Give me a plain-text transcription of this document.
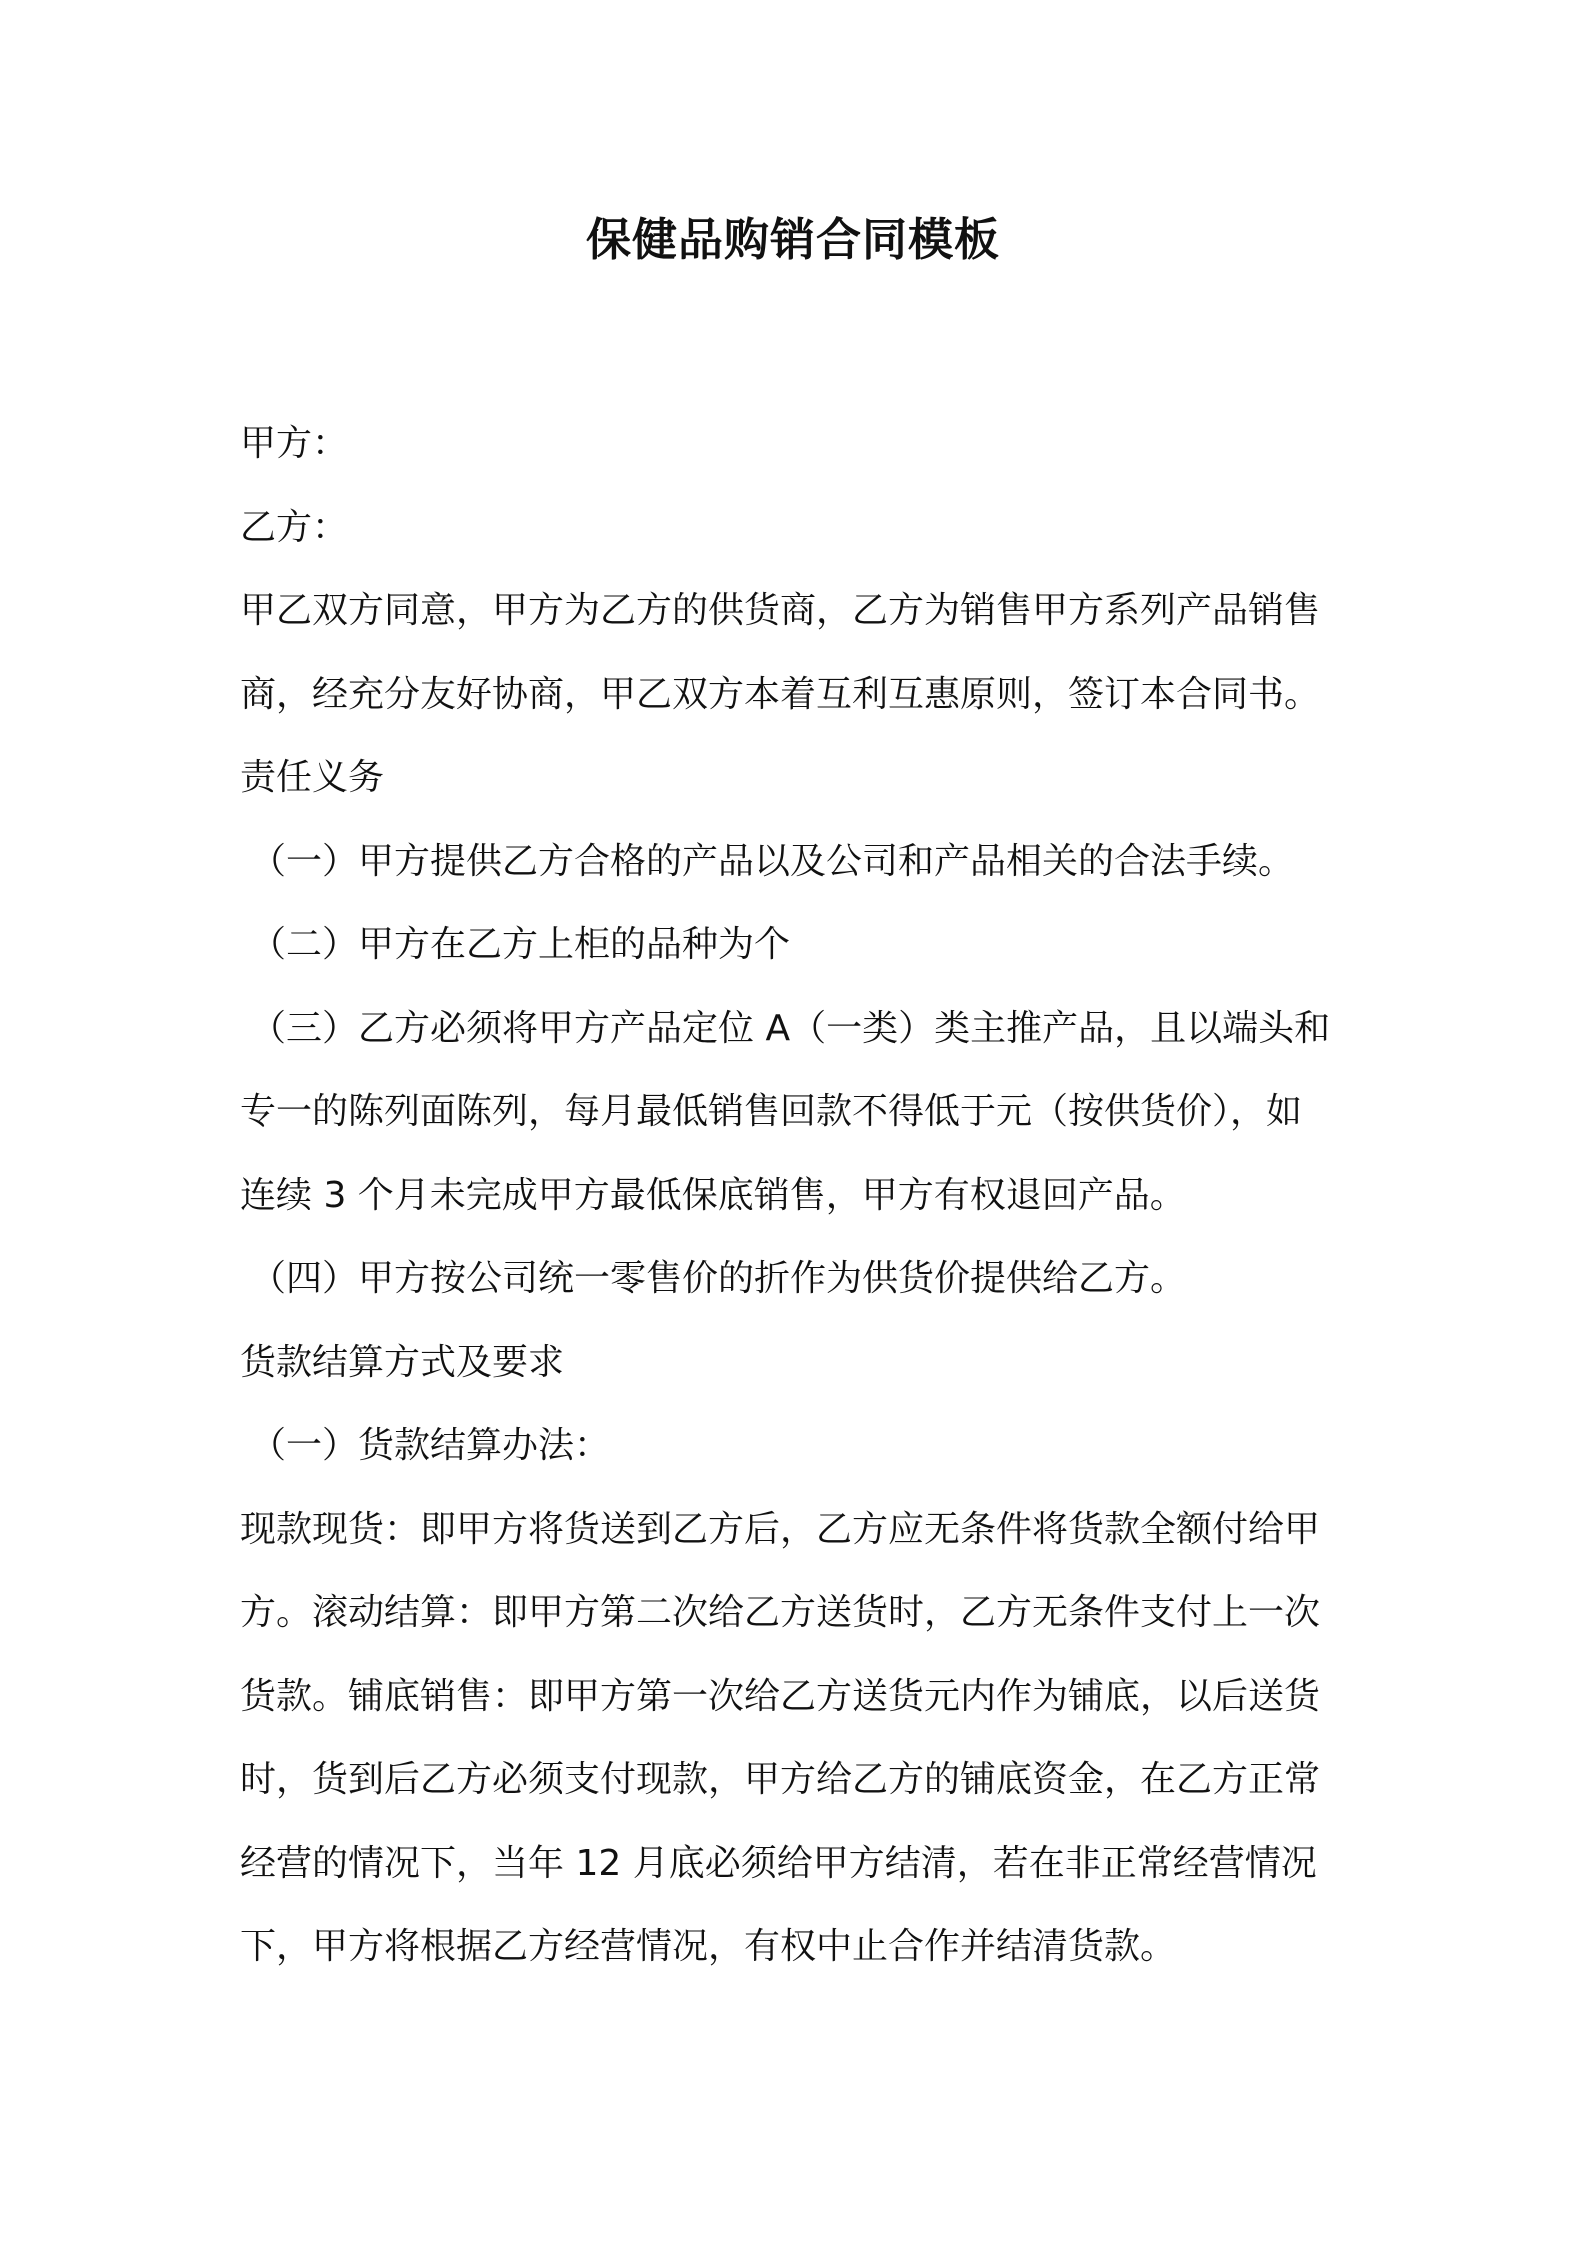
保健品购销合同模板
甲方：
乙方：
甲乙双方同意，甲方为乙方的供货商，乙方为销售甲方系列产品销售
商，经充分友好协商，甲乙双方本着互利互惠原则，签订本合同书。
责任义务
（一）甲方提供乙方合格的产品以及公司和产品相关的合法手续。
（二）甲方在乙方上柜的品种为个
（三）乙方必须将甲方产品定位 A（一类）类主推产品，且以端头和
专一的陈列面陈列，每月最低销售回款不得低于元（按供货价），如
连续 3 个月未完成甲方最低保底销售，甲方有权退回产品。
（四）甲方按公司统一零售价的折作为供货价提供给乙方。
货款结算方式及要求
（一）货款结算办法：
现款现货：即甲方将货送到乙方后，乙方应无条件将货款全额付给甲
方。滚动结算：即甲方第二次给乙方送货时，乙方无条件支付上一次
货款。铺底销售：即甲方第一次给乙方送货元内作为铺底，以后送货
时，货到后乙方必须支付现款，甲方给乙方的铺底资金，在乙方正常
经营的情况下，当年 12 月底必须给甲方结清，若在非正常经营情况
下，甲方将根据乙方经营情况，有权中止合作并结清货款。
